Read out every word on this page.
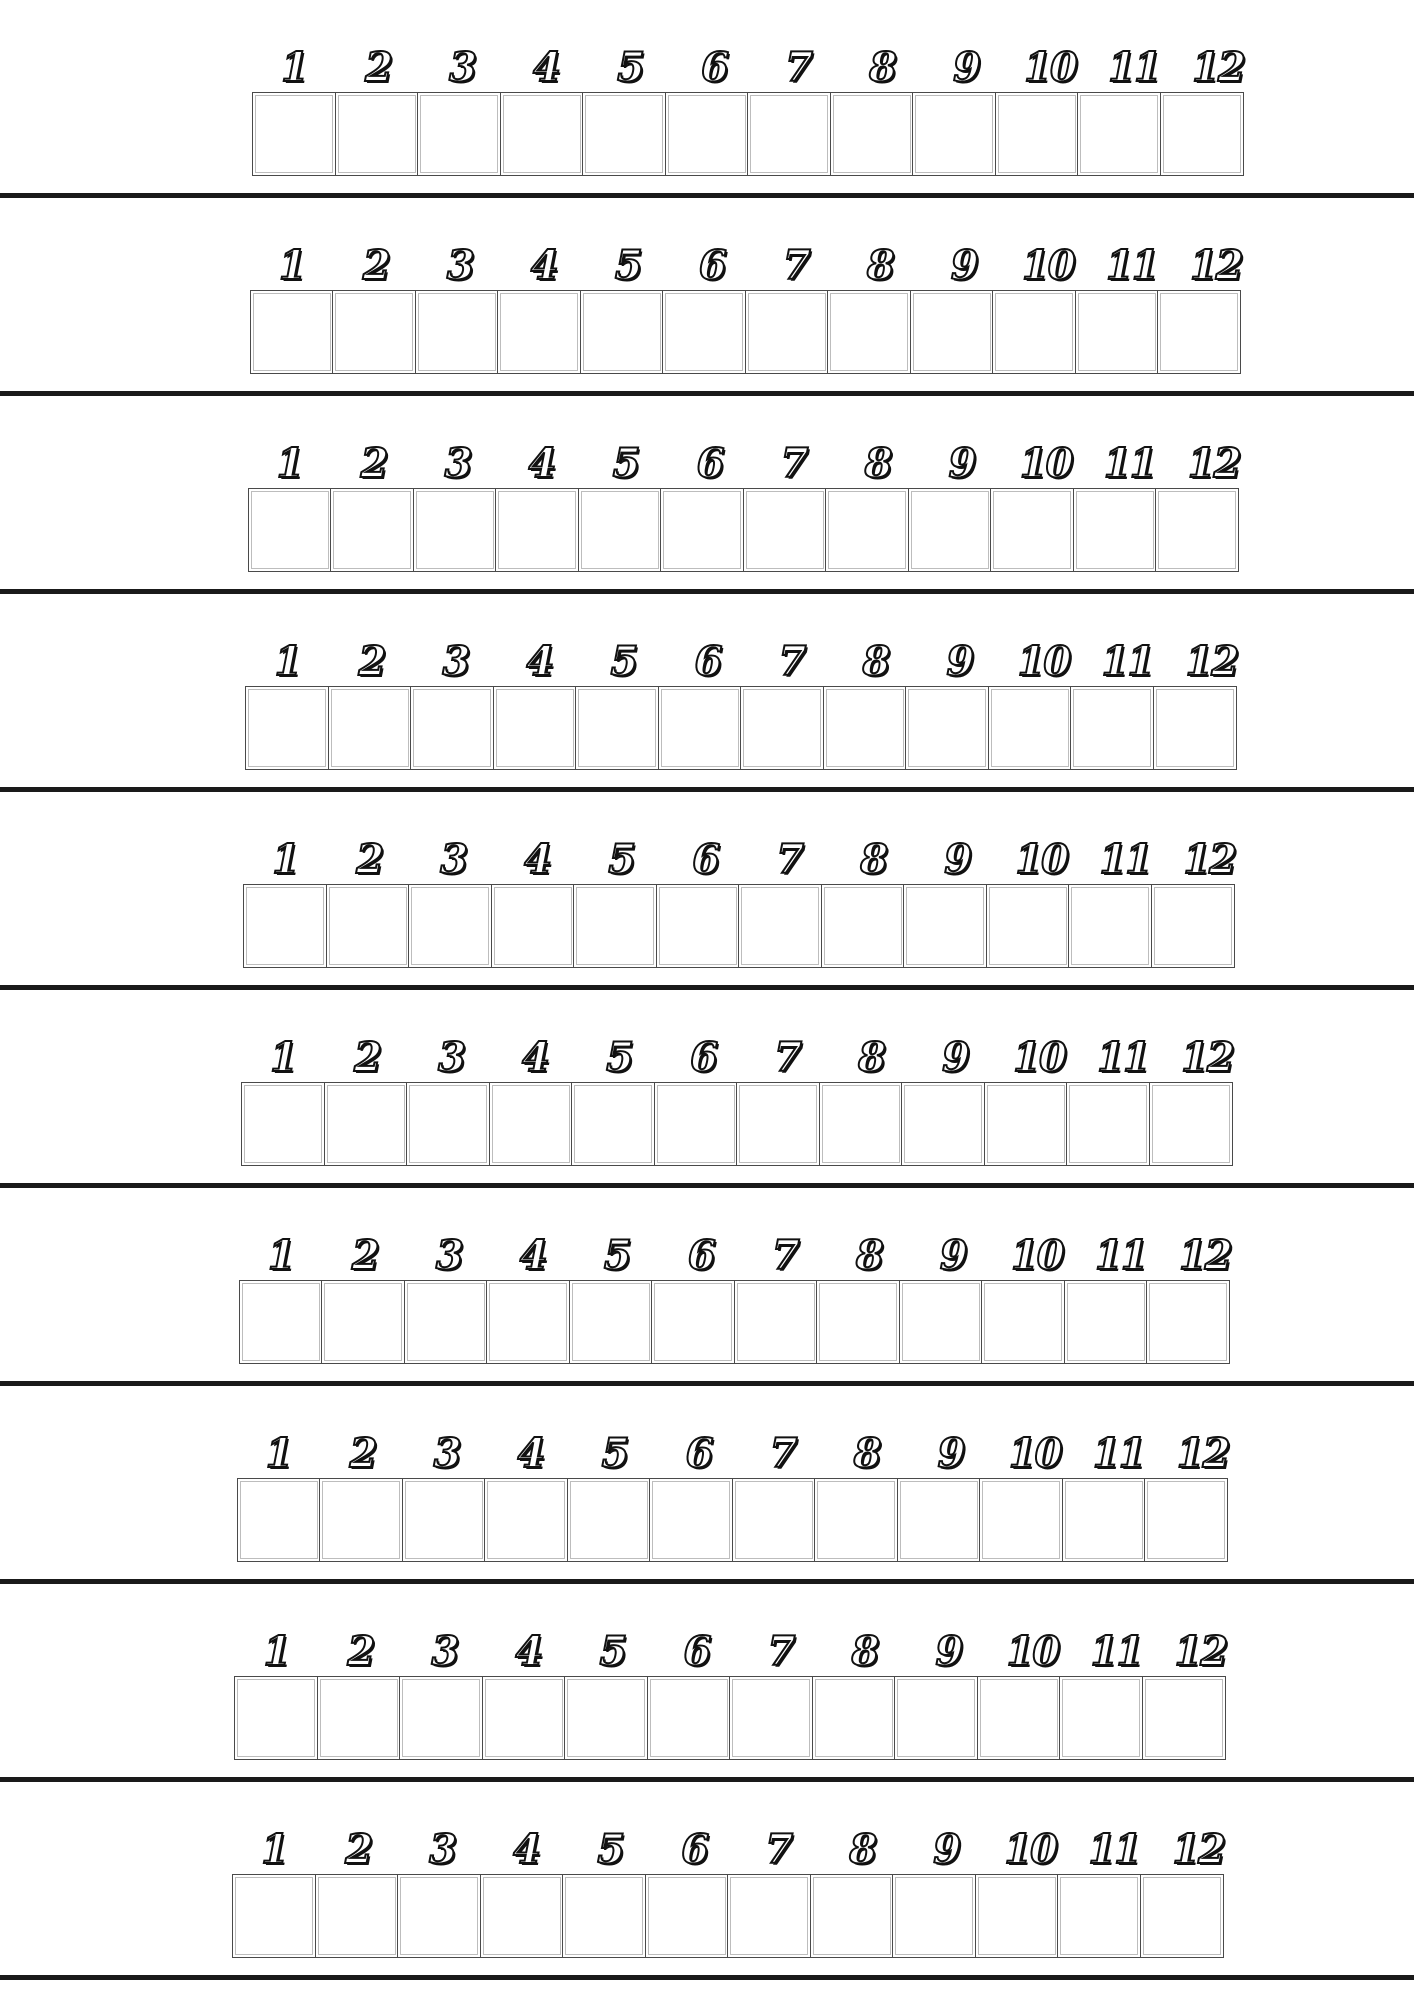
1	2	3	4	5	6	7	8	9	10 11 12
1	2	3	4	5	6	7	8	9	10 11 12
1	2	3	4	5	6	7	8	9	10 11 12
1	2	3	4	5	6	7	8	9	10 11 12
1	2	3	4	5	6	7	8	9	10 11 12
1	2	3	4	5	6	7	8	9	10 11 12
1	2	3	4	5	6	7	8	9	10 11 12
1	2	3	4	5	6	7	8	9	10 11 12
1	2	3	4	5	6	7	8	9	10 11 12
1	2	3	4	5	6	7	8	9	10 11 12
